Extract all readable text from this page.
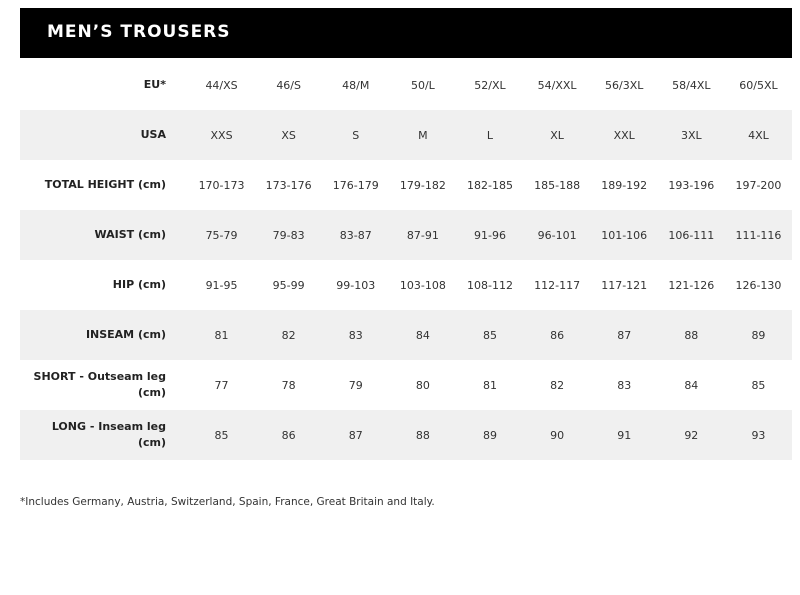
MEN’S TROUSERS
EU*	44/XS	46/S	48/M	50/L	52/XL	54/XXL	56/3XL	58/4XL	60/5XL
USA	XXS	XS	S	M	L	XL	XXL	3XL	4XL
TOTAL HEIGHT (cm)	170-173	173-176	176-179	179-182	182-185	185-188	189-192	193-196	197-200
WAIST (cm)	75-79	79-83	83-87	87-91	91-96	96-101	101-106	106-111	111-116
HIP (cm)	91-95	95-99	99-103	103-108	108-112	112-117	117-121	121-126	126-130
INSEAM (cm)	81	82	83	84	85	86	87	88	89
SHORT - Outseam leg (cm)	77	78	79	80	81	82	83	84	85
LONG - Inseam leg (cm)	85	86	87	88	89	90	91	92	93
*Includes Germany, Austria, Switzerland, Spain, France, Great Britain and Italy.
